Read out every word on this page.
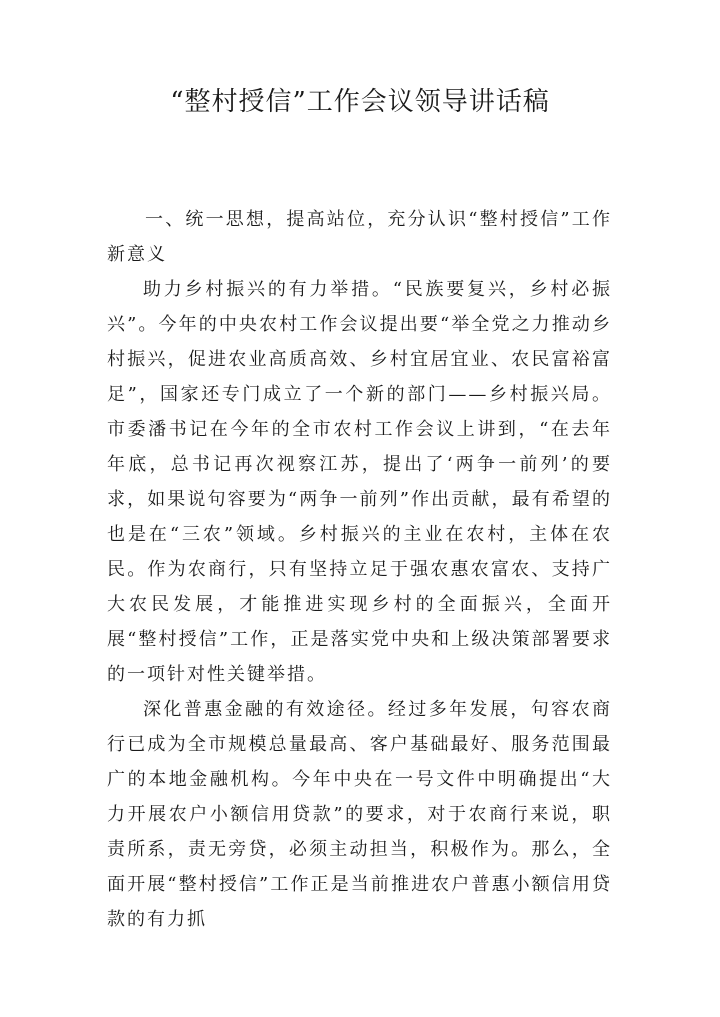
“整村授信”工作会议领导讲话稿

一、统一思想，提高站位，充分认识“整村授信”工作新意义

助力乡村振兴的有力举措。“民族要复兴，乡村必振兴”。今年的中央农村工作会议提出要“举全党之力推动乡村振兴，促进农业高质高效、乡村宜居宜业、农民富裕富足”，国家还专门成立了一个新的部门——乡村振兴局。市委潘书记在今年的全市农村工作会议上讲到，“在去年年底，总书记再次视察江苏，提出了‘两争一前列’的要求，如果说句容要为“两争一前列”作出贡献，最有希望的也是在“三农”领域。乡村振兴的主业在农村，主体在农民。作为农商行，只有坚持立足于强农惠农富农、支持广大农民发展，才能推进实现乡村的全面振兴，全面开展“整村授信”工作，正是落实党中央和上级决策部署要求的一项针对性关键举措。

深化普惠金融的有效途径。经过多年发展，句容农商行已成为全市规模总量最高、客户基础最好、服务范围最广的本地金融机构。今年中央在一号文件中明确提出“大力开展农户小额信用贷款”的要求，对于农商行来说，职责所系，责无旁贷，必须主动担当，积极作为。那么，全面开展“整村授信”工作正是当前推进农户普惠小额信用贷款的有力抓
